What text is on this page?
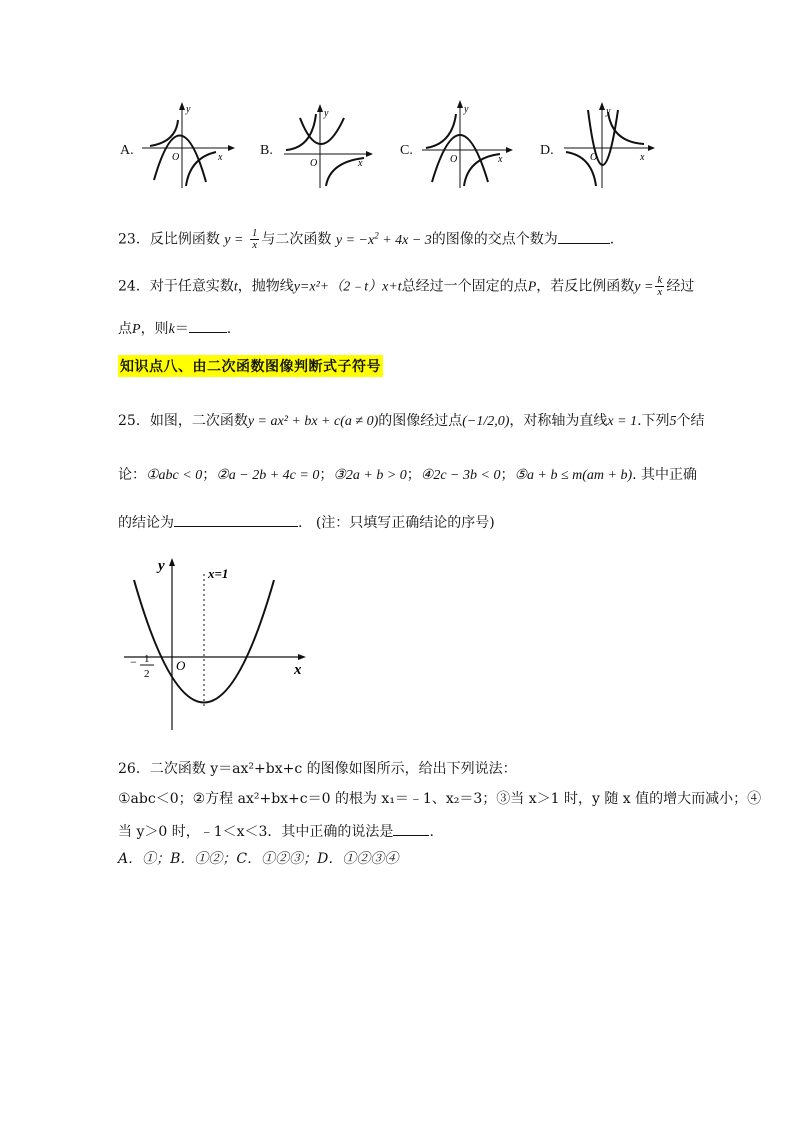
A.
y
O	x	B.
y
O	x
C.
y
O	x
D.
y
O	x
23．反比例函数 $y = \frac{1}{x}$ 与二次函数 $y = -x^2 + 4x - 3$的图像的交点个数为	.
24．对于任意实数t，抛物线y=x²+（2﹣t）x+t总经过一个固定的点P，若反比例函数$y = \frac{k}{x}$ 经过
点P，则k＝	.
知识点八、由二次函数图像判断式子符号
25．如图，二次函数y = ax² + bx + c(a ≠ 0)的图像经过点(−1/2,0)，对称轴为直线x = 1.下列5个结
论：①abc < 0；②a − 2b + 4c = 0；③2a + b > 0；④2c − 3b < 0；⑤a + b ≤ m(am + b). 其中正确
的结论为	. (注：只填写正确结论的序号)
x=1
y
x
O
− 1
2
26．二次函数 y＝ax²+bx+c 的图像如图所示，给出下列说法：
①abc＜0；②方程 ax²+bx+c＝0 的根为 x₁＝﹣1、x₂＝3；③当 x＞1 时，y 随 x 值的增大而减小；④
当 y＞0 时，﹣1＜x＜3．其中正确的说法是	.
A．①；B．①②；C．①②③；D．①②③④
